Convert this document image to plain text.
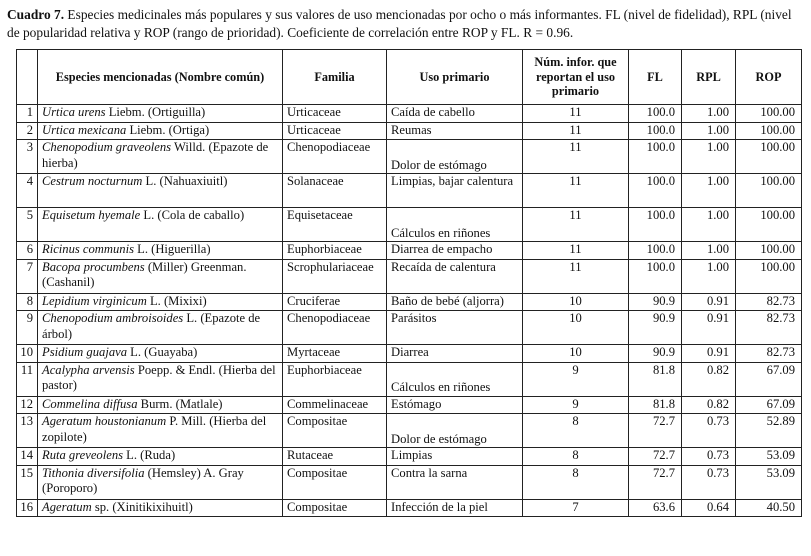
Cuadro 7. Especies medicinales más populares y sus valores de uso mencionadas por ocho o más informantes. FL (nivel de fidelidad), RPL (nivel de popularidad relativa y ROP (rango de prioridad). Coeficiente de correlación entre ROP y FL. R = 0.96.
	Especies mencionadas (Nombre común)	Familia	Uso primario	Núm. infor. que reportan el uso primario	FL	RPL	ROP
1	Urtica urens Liebm. (Ortiguilla)	Urticaceae	Caída de cabello	11	100.0	1.00	100.00
2	Urtica mexicana Liebm. (Ortiga)	Urticaceae	Reumas	11	100.0	1.00	100.00
3	Chenopodium graveolens Willd. (Epazote de hierba)	Chenopodiaceae	Dolor de estómago	11	100.0	1.00	100.00
4	Cestrum nocturnum L. (Nahuaxiuitl)	Solanaceae	Limpias, bajar calentura	11	100.0	1.00	100.00
5	Equisetum hyemale L. (Cola de caballo)	Equisetaceae	Cálculos en riñones	11	100.0	1.00	100.00
6	Ricinus communis L. (Higuerilla)	Euphorbiaceae	Diarrea de empacho	11	100.0	1.00	100.00
7	Bacopa procumbens (Miller) Greenman. (Cashanil)	Scrophulariaceae	Recaída de calentura	11	100.0	1.00	100.00
8	Lepidium virginicum L. (Mixixi)	Cruciferae	Baño de bebé (aljorra)	10	90.9	0.91	82.73
9	Chenopodium ambroisoides L. (Epazote de árbol)	Chenopodiaceae	Parásitos	10	90.9	0.91	82.73
10	Psidium guajava L. (Guayaba)	Myrtaceae	Diarrea	10	90.9	0.91	82.73
11	Acalypha arvensis Poepp. & Endl. (Hierba del pastor)	Euphorbiaceae	Cálculos en riñones	9	81.8	0.82	67.09
12	Commelina diffusa Burm. (Matlale)	Commelinaceae	Estómago	9	81.8	0.82	67.09
13	Ageratum houstonianum P. Mill. (Hierba del zopilote)	Compositae	Dolor de estómago	8	72.7	0.73	52.89
14	Ruta greveolens L. (Ruda)	Rutaceae	Limpias	8	72.7	0.73	53.09
15	Tithonia diversifolia (Hemsley) A. Gray (Poroporo)	Compositae	Contra la sarna	8	72.7	0.73	53.09
16	Ageratum sp. (Xinitikixihuitl)	Compositae	Infección de la piel	7	63.6	0.64	40.50
